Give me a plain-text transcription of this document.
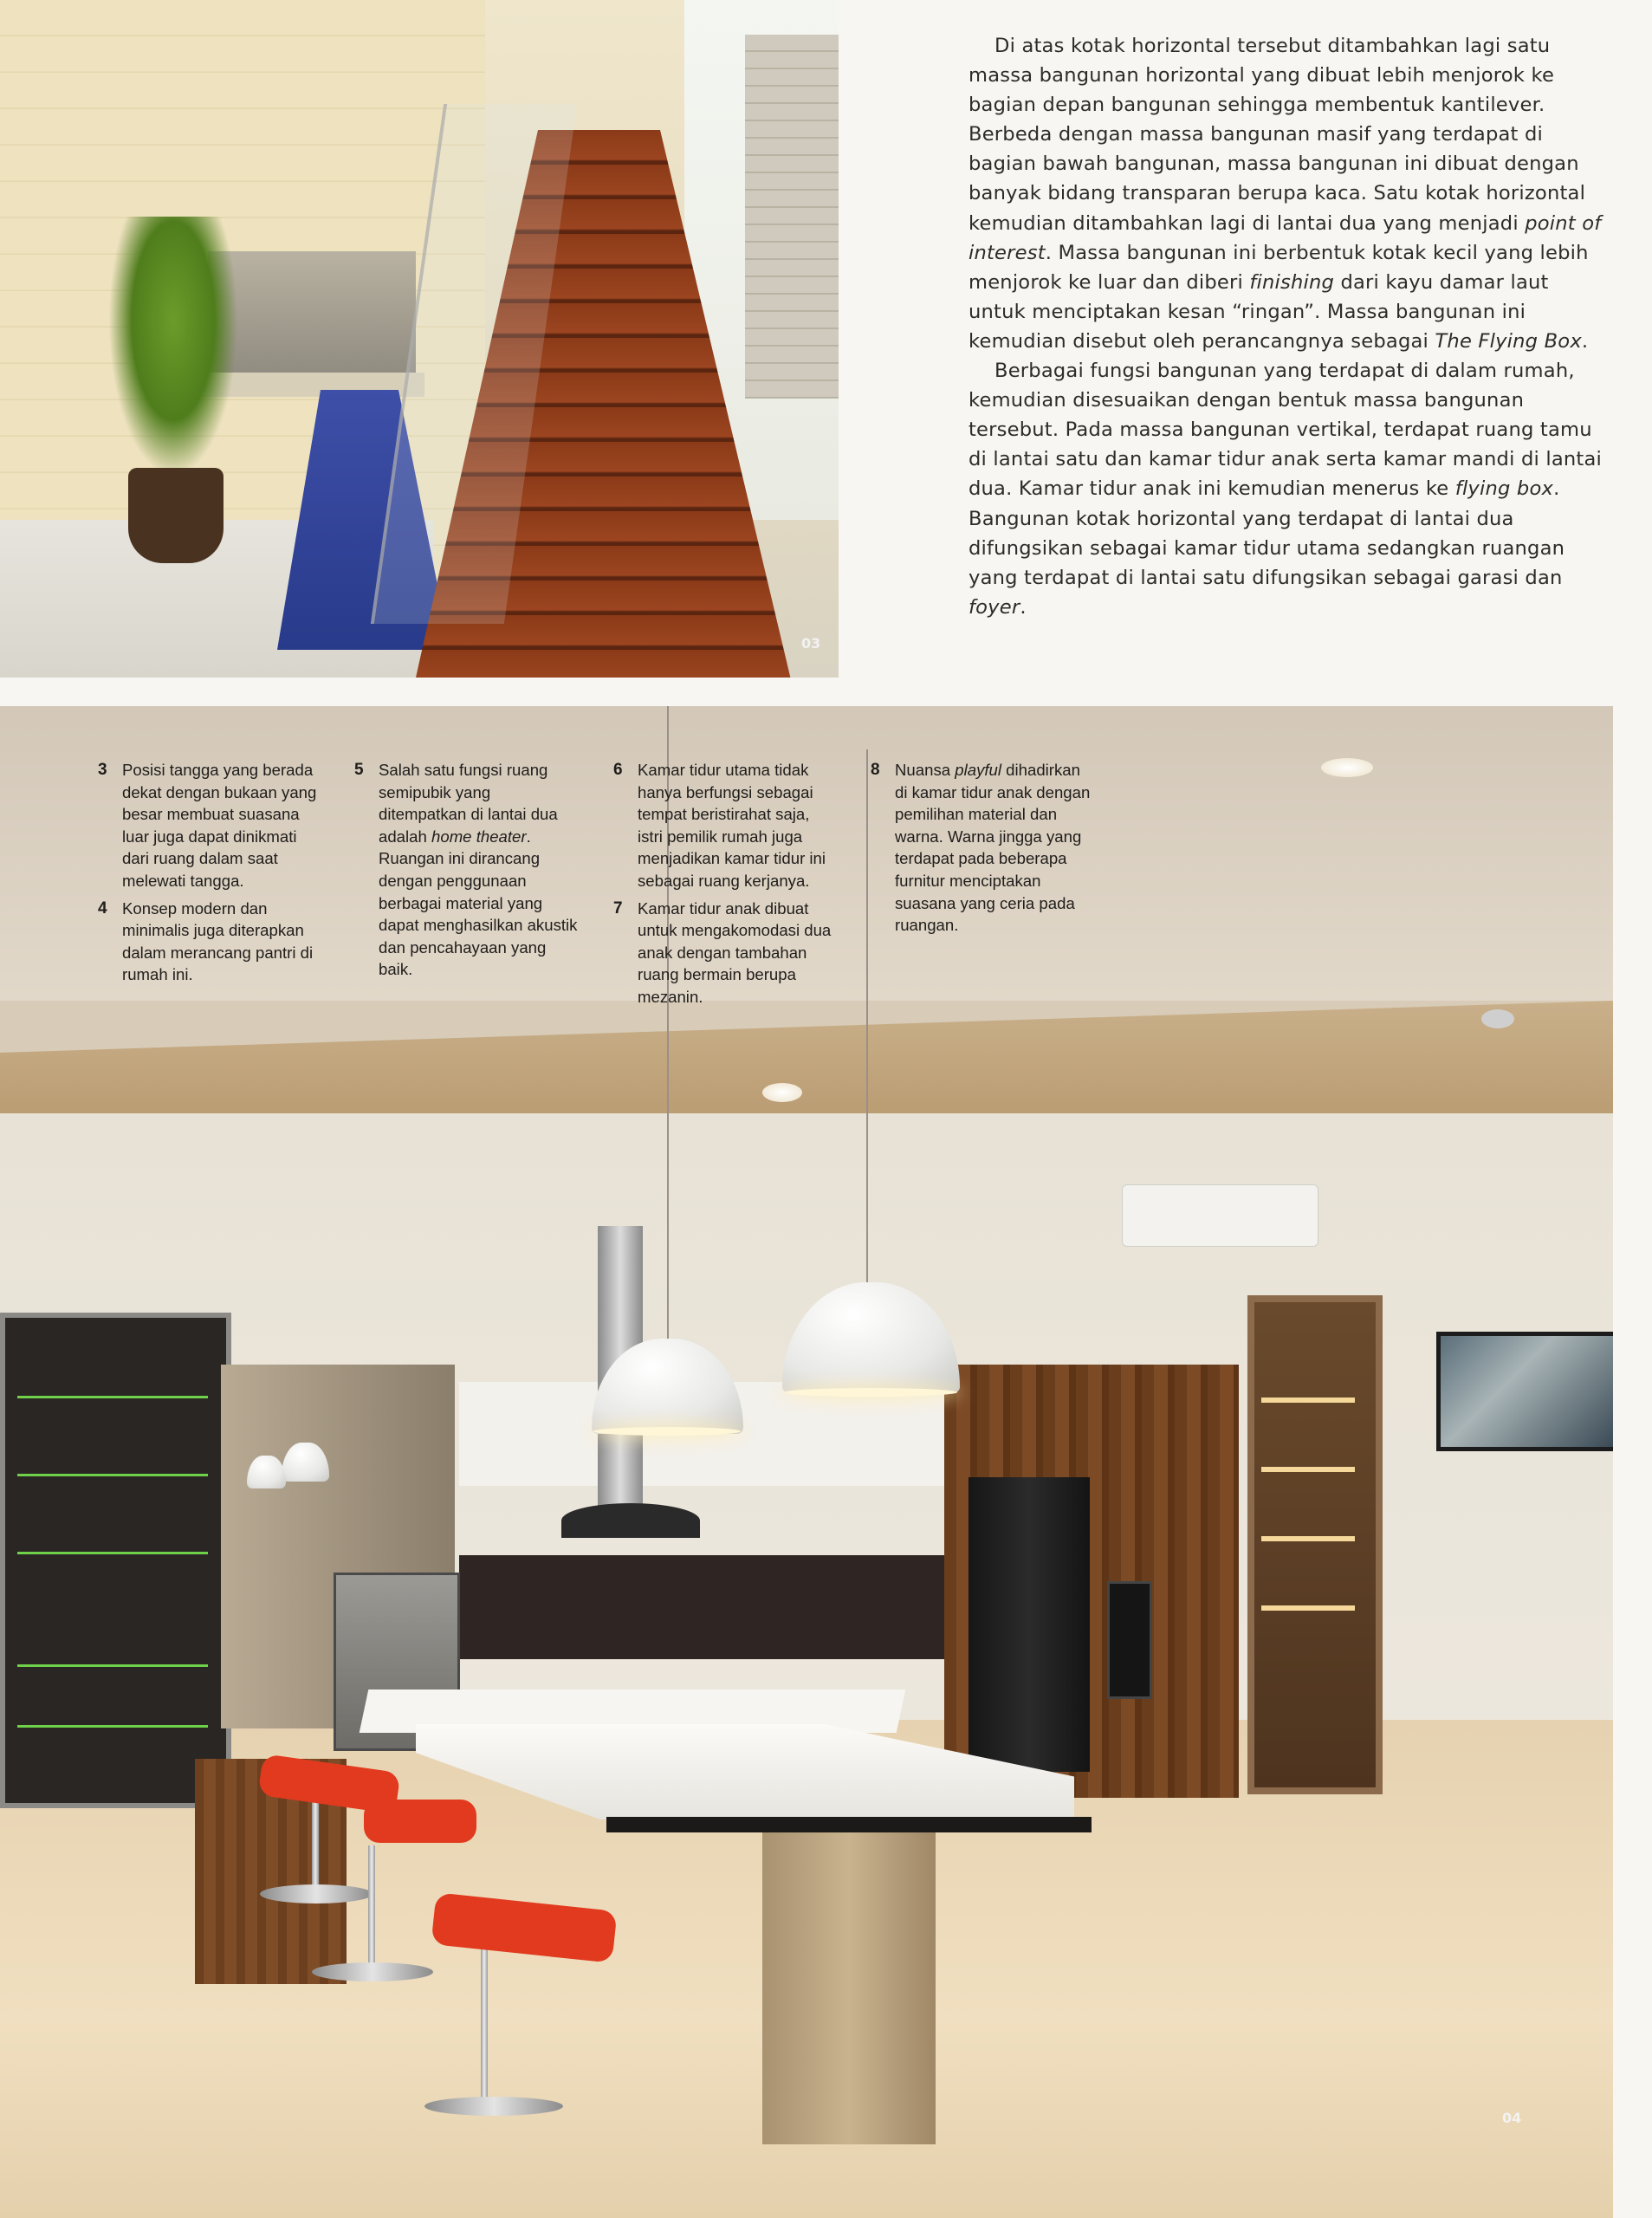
03

Di atas kotak horizontal tersebut ditambahkan lagi satu massa bangunan horizontal yang dibuat lebih menjorok ke bagian depan bangunan sehingga membentuk kantilever. Berbeda dengan massa bangunan masif yang terdapat di bagian bawah bangunan, massa bangunan ini dibuat dengan banyak bidang transparan berupa kaca. Satu kotak horizontal kemudian ditambahkan lagi di lantai dua yang menjadi point of interest. Massa bangunan ini berbentuk kotak kecil yang lebih menjorok ke luar dan diberi finishing dari kayu damar laut untuk menciptakan kesan “ringan”. Massa bangunan ini kemudian disebut oleh perancangnya sebagai The Flying Box.

Berbagai fungsi bangunan yang terdapat di dalam rumah, kemudian disesuaikan dengan bentuk massa bangunan tersebut. Pada massa bangunan vertikal, terdapat ruang tamu di lantai satu dan kamar tidur anak serta kamar mandi di lantai dua. Kamar tidur anak ini kemudian menerus ke flying box. Bangunan kotak horizontal yang terdapat di lantai dua difungsikan sebagai kamar tidur utama sedangkan ruangan yang terdapat di lantai satu difungsikan sebagai garasi dan foyer.

04

3 Posisi tangga yang berada dekat dengan bukaan yang besar membuat suasana luar juga dapat dinikmati dari ruang dalam saat melewati tangga.

4 Konsep modern dan minimalis juga diterapkan dalam merancang pantri di rumah ini.

5 Salah satu fungsi ruang semipubik yang ditempatkan di lantai dua adalah home theater. Ruangan ini dirancang dengan penggunaan berbagai material yang dapat menghasilkan akustik dan pencahayaan yang baik.

6 Kamar tidur utama tidak hanya berfungsi sebagai tempat beristirahat saja, istri pemilik rumah juga menjadikan kamar tidur ini sebagai ruang kerjanya.

7 Kamar tidur anak dibuat untuk mengakomodasi dua anak dengan tambahan ruang bermain berupa mezanin.

8 Nuansa playful dihadirkan di kamar tidur anak dengan pemilihan material dan warna. Warna jingga yang terdapat pada beberapa furnitur menciptakan suasana yang ceria pada ruangan.
